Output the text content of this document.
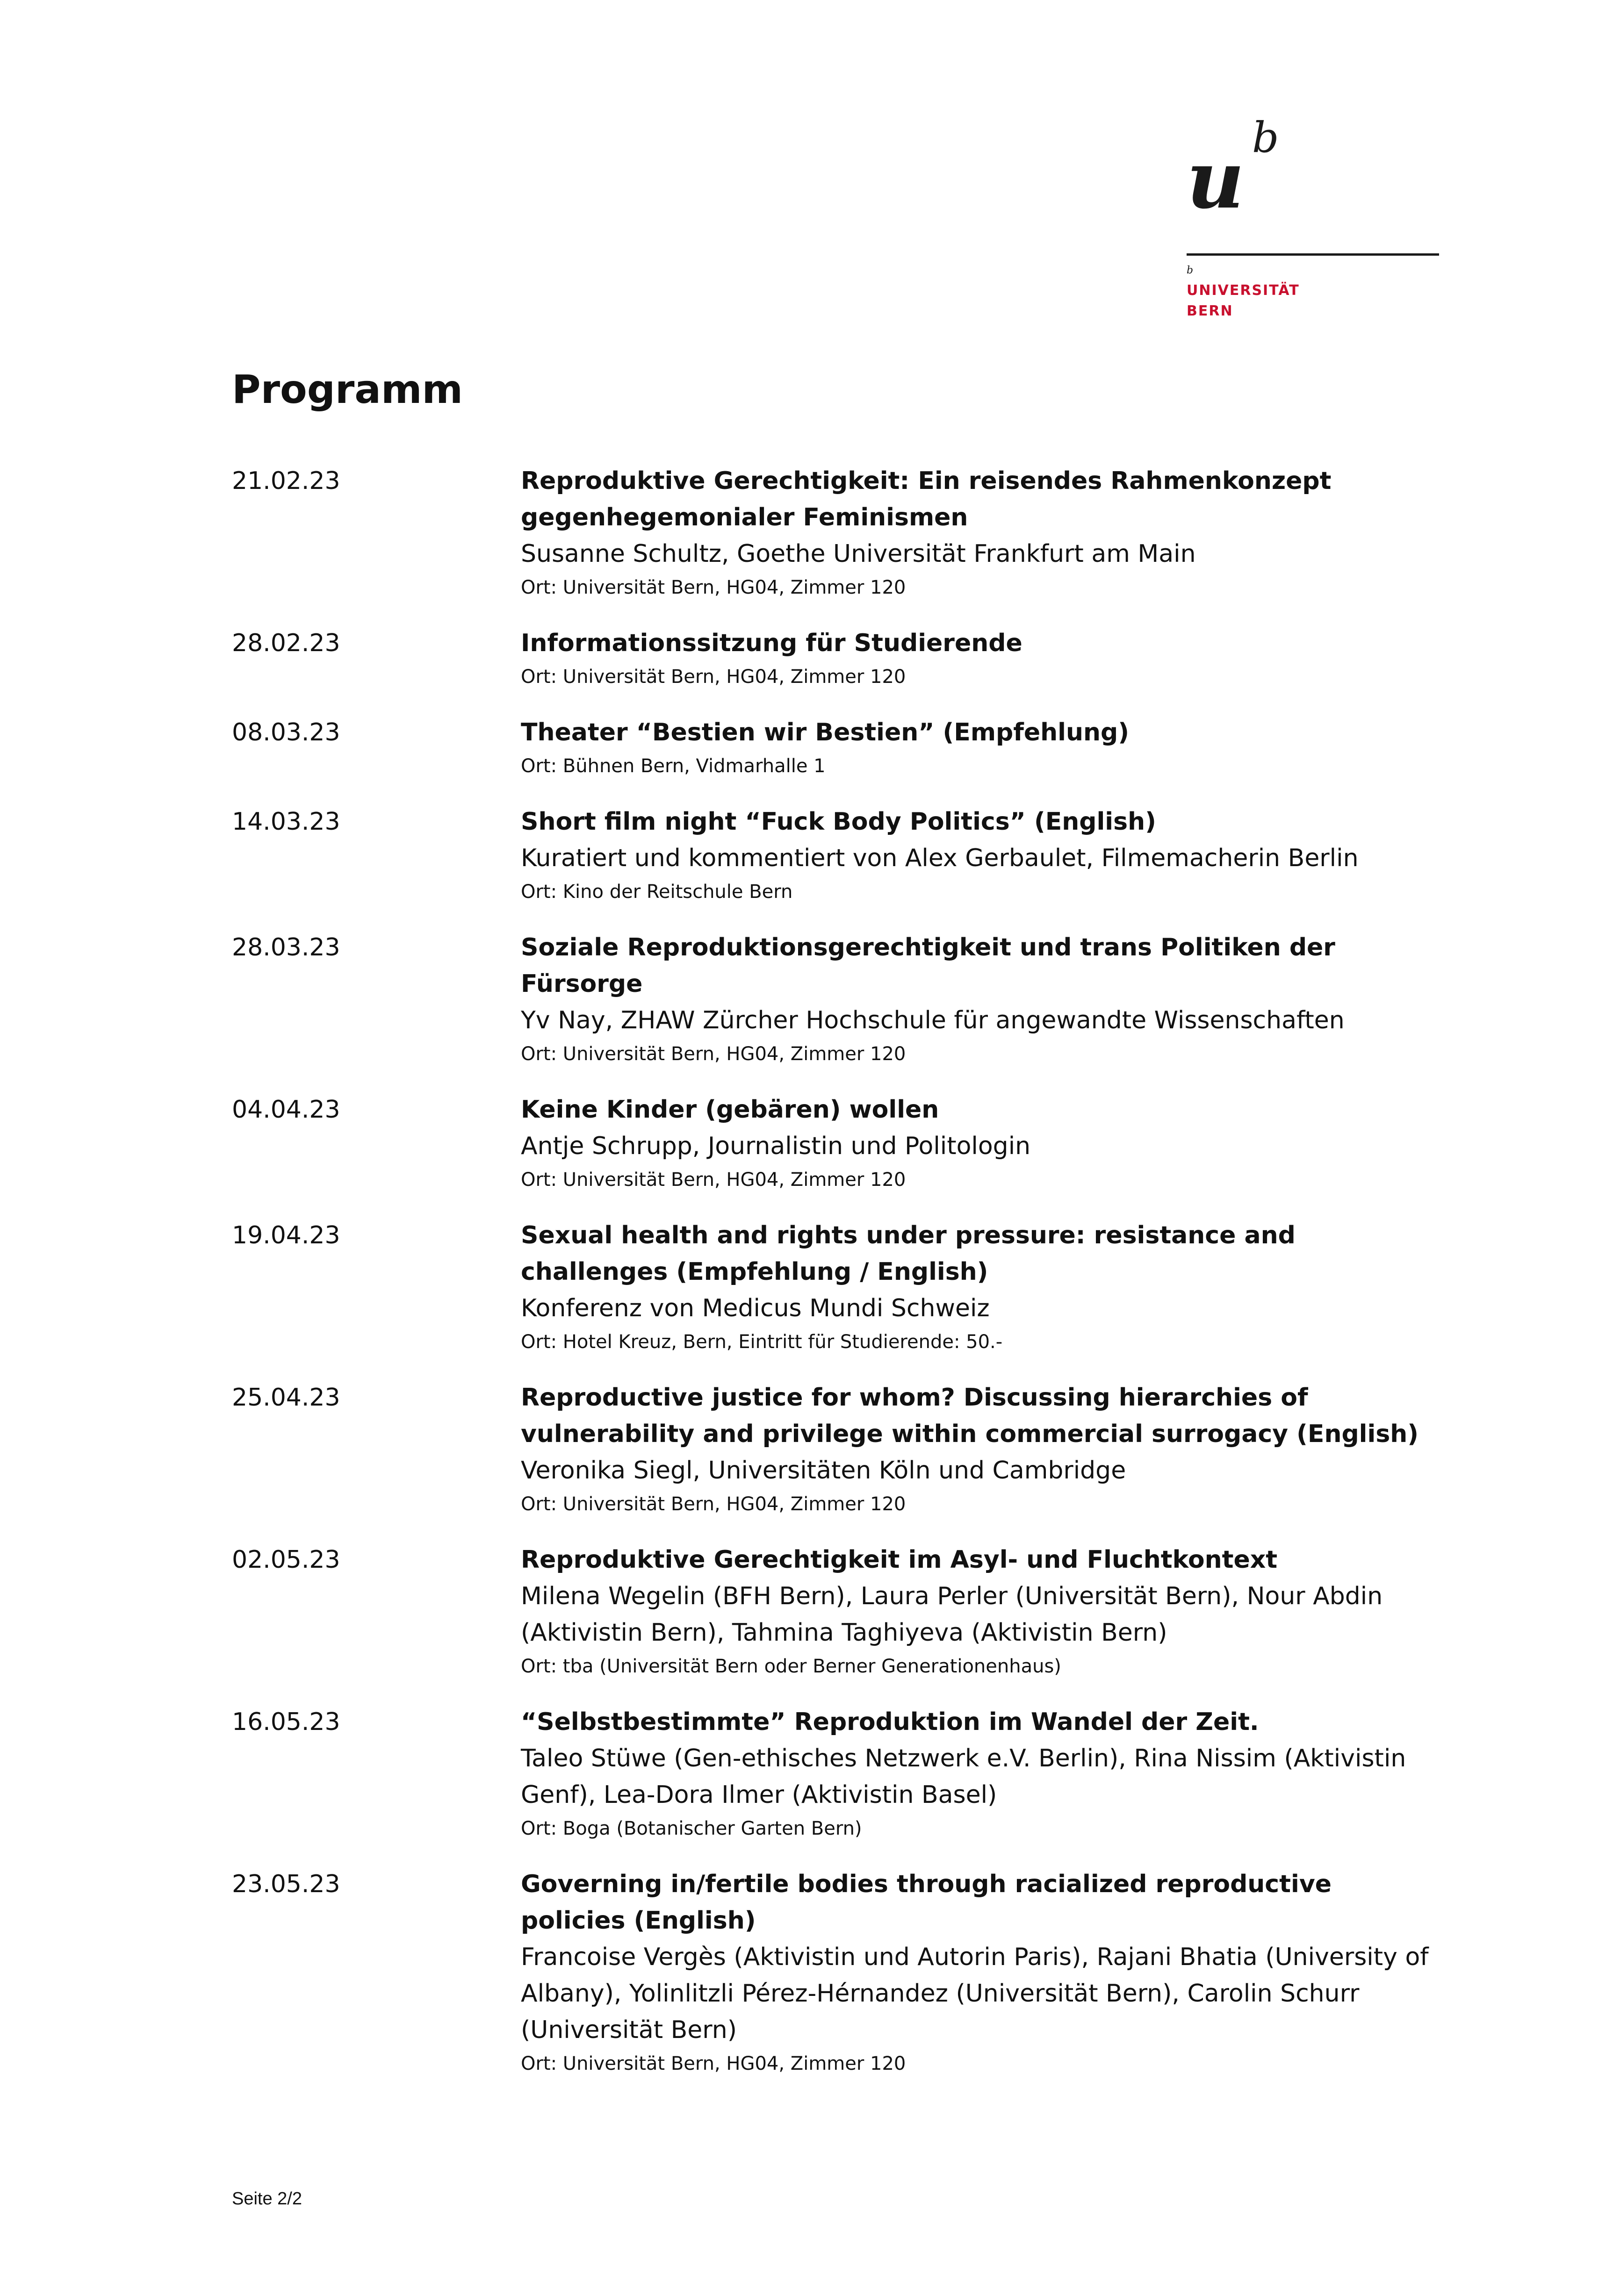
u b
b
UNIVERSITÄT
BERN
Programm
21.02.23	Reproduktive Gerechtigkeit: Ein reisendes Rahmenkonzept gegenhegemonialer Feminismen
Susanne Schultz, Goethe Universität Frankfurt am Main
Ort: Universität Bern, HG04, Zimmer 120
28.02.23	Informationssitzung für Studierende
Ort: Universität Bern, HG04, Zimmer 120
08.03.23	Theater “Bestien wir Bestien” (Empfehlung)
Ort: Bühnen Bern, Vidmarhalle 1
14.03.23	Short film night “Fuck Body Politics” (English)
Kuratiert und kommentiert von Alex Gerbaulet, Filmemacherin Berlin
Ort: Kino der Reitschule Bern
28.03.23	Soziale Reproduktionsgerechtigkeit und trans Politiken der Fürsorge
Yv Nay, ZHAW Zürcher Hochschule für angewandte Wissenschaften
Ort: Universität Bern, HG04, Zimmer 120
04.04.23	Keine Kinder (gebären) wollen
Antje Schrupp, Journalistin und Politologin
Ort: Universität Bern, HG04, Zimmer 120
19.04.23	Sexual health and rights under pressure: resistance and challenges (Empfehlung / English)
Konferenz von Medicus Mundi Schweiz
Ort: Hotel Kreuz, Bern, Eintritt für Studierende: 50.-
25.04.23	Reproductive justice for whom? Discussing hierarchies of vulnerability and privilege within commercial surrogacy (English)
Veronika Siegl, Universitäten Köln und Cambridge
Ort: Universität Bern, HG04, Zimmer 120
02.05.23	Reproduktive Gerechtigkeit im Asyl- und Fluchtkontext
Milena Wegelin (BFH Bern), Laura Perler (Universität Bern), Nour Abdin (Aktivistin Bern), Tahmina Taghiyeva (Aktivistin Bern)
Ort: tba (Universität Bern oder Berner Generationenhaus)
16.05.23	“Selbstbestimmte” Reproduktion im Wandel der Zeit.
Taleo Stüwe (Gen-ethisches Netzwerk e.V. Berlin), Rina Nissim (Aktivistin Genf), Lea-Dora Ilmer (Aktivistin Basel)
Ort: Boga (Botanischer Garten Bern)
23.05.23	Governing in/fertile bodies through racialized reproductive policies (English)
Francoise Vergès (Aktivistin und Autorin Paris), Rajani Bhatia (University of Albany), Yolinlitzli Pérez-Hérnandez (Universität Bern), Carolin Schurr (Universität Bern)
Ort: Universität Bern, HG04, Zimmer 120
Seite 2/2
